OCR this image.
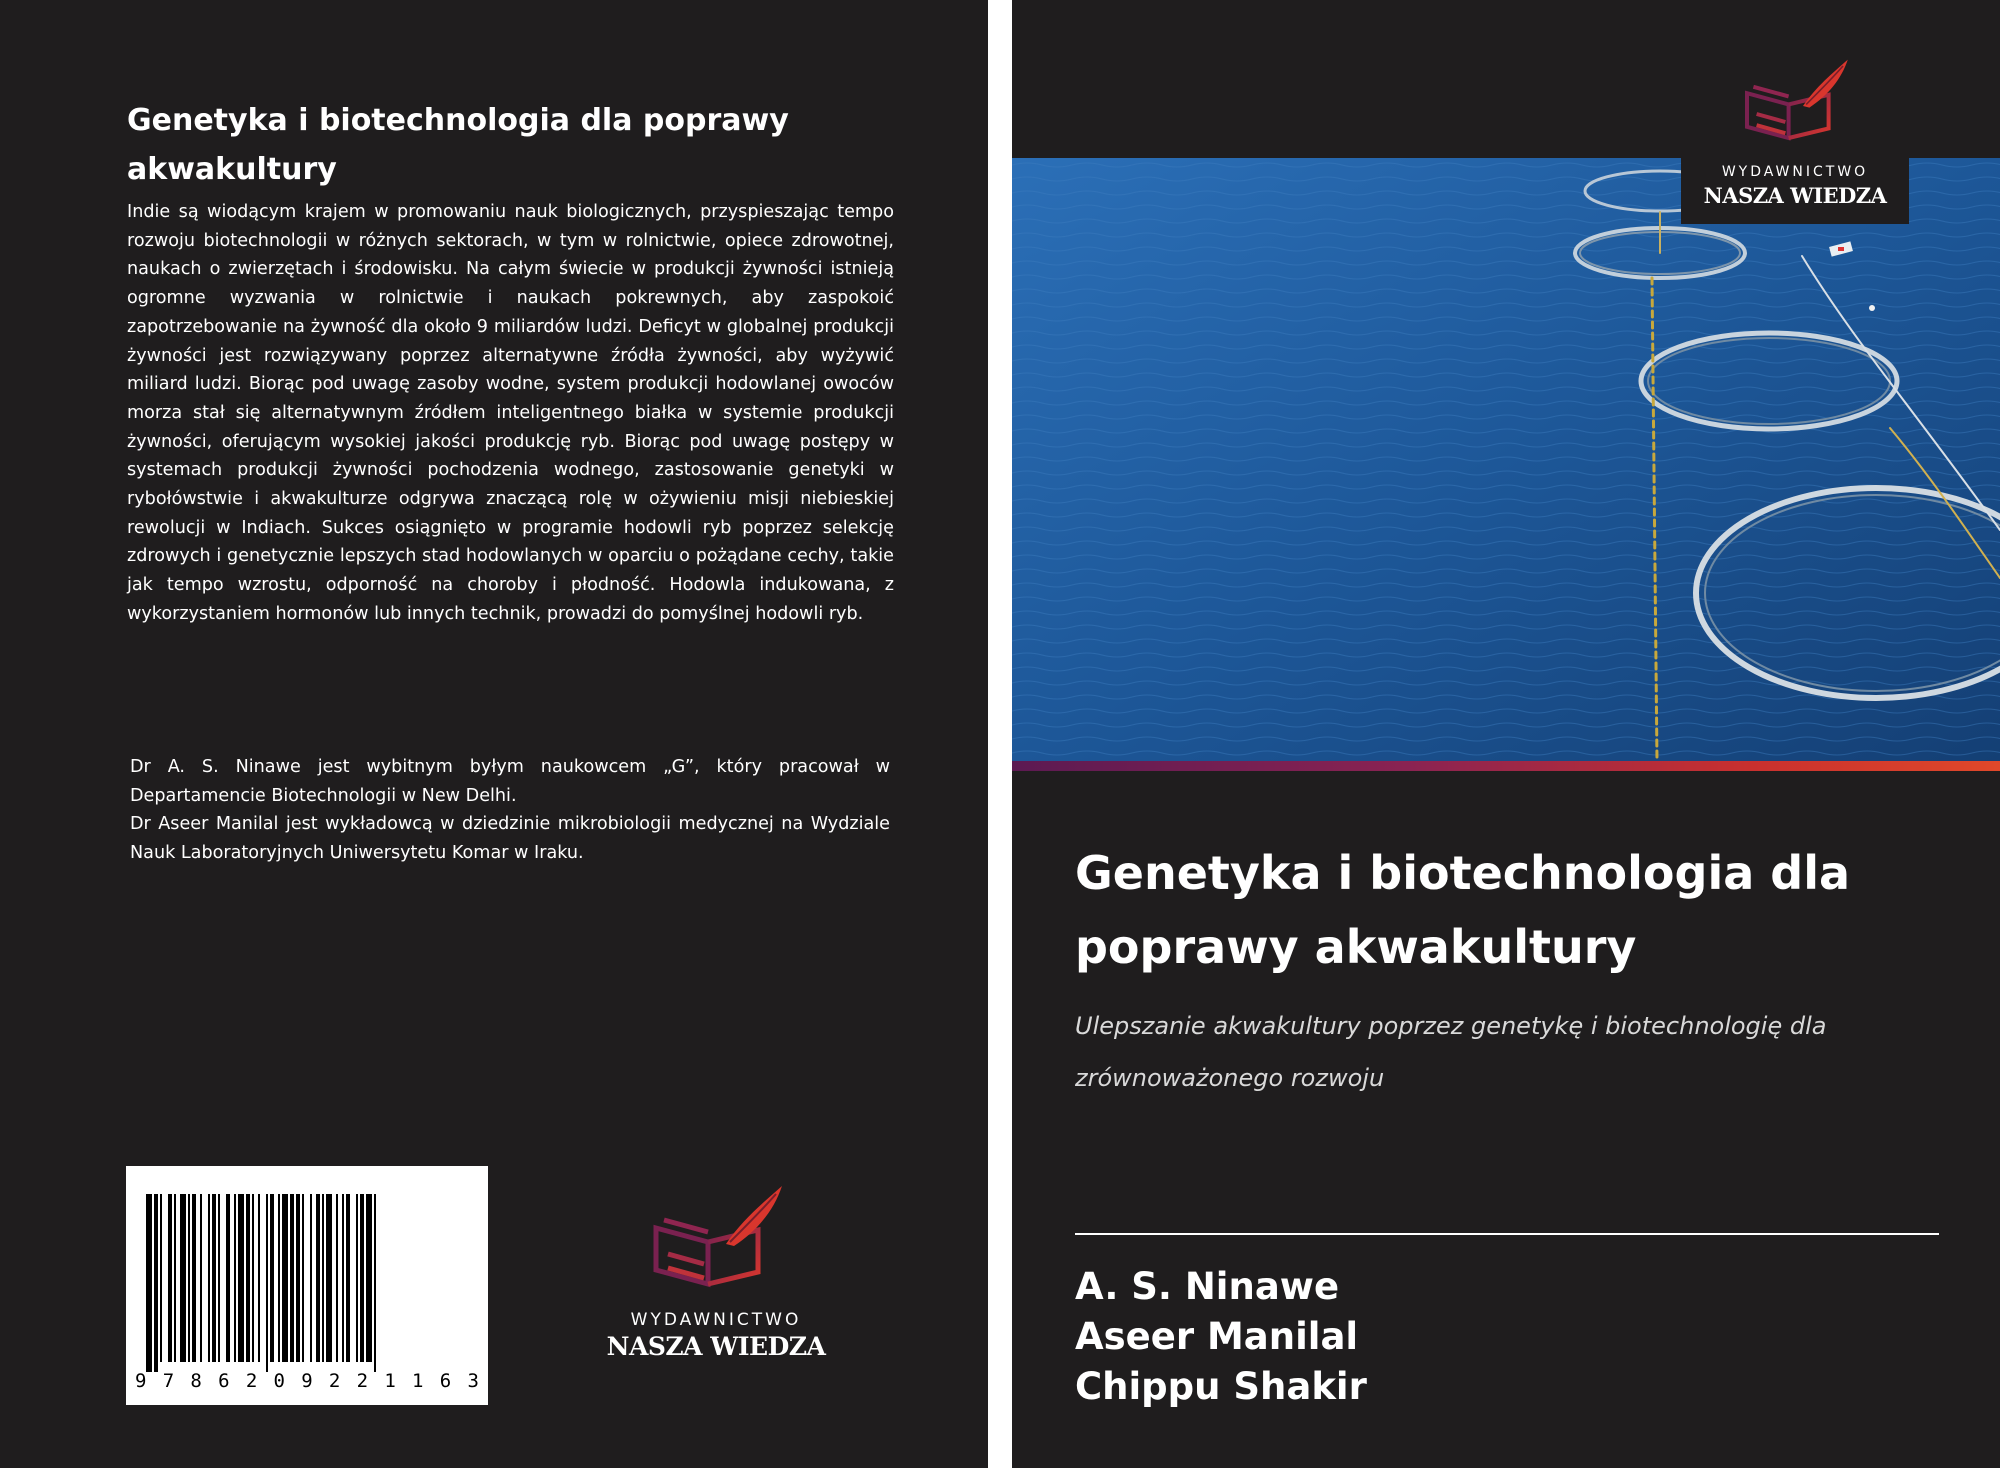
Genetyka i biotechnologia dla poprawy akwakultury
Indie są wiodącym krajem w promowaniu nauk biologicznych, przyspieszając tempo rozwoju biotechnologii w różnych sektorach, w tym w rolnictwie, opiece zdrowotnej, naukach o zwierzętach i środowisku. Na całym świecie w produkcji żywności istnieją ogromne wyzwania w rolnictwie i naukach pokrewnych, aby zaspokoić zapotrzebowanie na żywność dla około 9 miliardów ludzi. Deficyt w globalnej produkcji żywności jest rozwiązywany poprzez alternatywne źródła żywności, aby wyżywić miliard ludzi. Biorąc pod uwagę zasoby wodne, system produkcji hodowlanej owoców morza stał się alternatywnym źródłem inteligentnego białka w systemie produkcji żywności, oferującym wysokiej jakości produkcję ryb. Biorąc pod uwagę postępy w systemach produkcji żywności pochodzenia wodnego, zastosowanie genetyki w rybołówstwie i akwakulturze odgrywa znaczącą rolę w ożywieniu misji niebieskiej rewolucji w Indiach. Sukces osiągnięto w programie hodowli ryb poprzez selekcję zdrowych i genetycznie lepszych stad hodowlanych w oparciu o pożądane cechy, takie jak tempo wzrostu, odporność na choroby i płodność. Hodowla indukowana, z wykorzystaniem hormonów lub innych technik, prowadzi do pomyślnej hodowli ryb.

Dr A. S. Ninawe jest wybitnym byłym naukowcem „G”, który pracował w Departamencie Biotechnologii w New Delhi.

Dr Aseer Manilal jest wykładowcą w dziedzinie mikrobiologii medycznej na Wydziale Nauk Laboratoryjnych Uniwersytetu Komar w Iraku.

9 7 8 6 2 0 9 2 2 1 1 6 3
WYDAWNICTWO
NASZA WIEDZA
WYDAWNICTWO
NASZA WIEDZA
Genetyka i biotechnologia dla poprawy akwakultury
Ulepszanie akwakultury poprzez genetykę i biotechnologię dla zrównoważonego rozwoju
A. S. Ninawe
Aseer Manilal
Chippu Shakir
